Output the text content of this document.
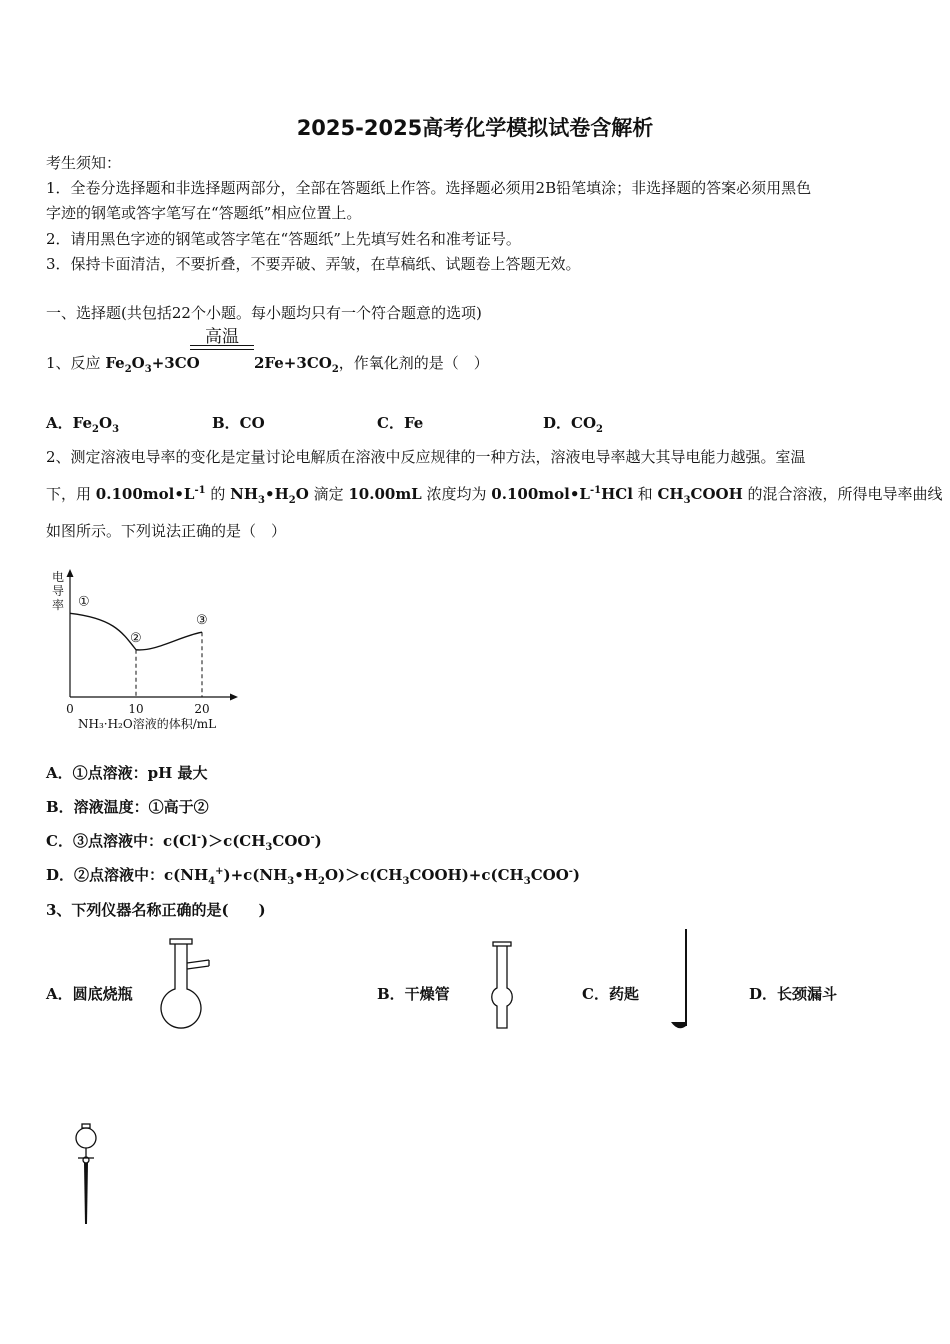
2025-2025高考化学模拟试卷含解析
考生须知：
1．全卷分选择题和非选择题两部分，全部在答题纸上作答。选择题必须用2B铅笔填涂；非选择题的答案必须用黑色
字迹的钢笔或答字笔写在“答题纸”相应位置上。
2．请用黑色字迹的钢笔或答字笔在“答题纸”上先填写姓名和准考证号。
3．保持卡面清洁，不要折叠，不要弄破、弄皱，在草稿纸、试题卷上答题无效。
一、选择题(共包括22个小题。每小题均只有一个符合题意的选项)
1、反应 $Fe_2O_3+3CO$
高温
$2Fe+3CO_2$，作氧化剂的是（　）
A．$Fe_2O_3$	B．CO	C．Fe	D．$CO_2$
2、测定溶液电导率的变化是定量讨论电解质在溶液中反应规律的一种方法，溶液电导率越大其导电能力越强。室温
下，用 $0.100mol•L^{-1}$ 的 $NH_3•H_2O$ 滴定 10.00mL 浓度均为 $0.100mol•L^{-1}HCl$ 和 $CH_3COOH$ 的混合溶液，所得电导率曲线
如图所示。下列说法正确的是（　）
电
导
率 ①
②
③
0	10	20
NH₃·H₂O溶液的体积/mL
A．①点溶液：pH 最大
B．溶液温度：①高于②
C．③点溶液中：$c(Cl^-)>c(CH_3COO^-)$
D．②点溶液中：$c(NH_4^+)+c(NH_3•H_2O)>c(CH_3COOH)+c(CH_3COO^-)$
3、下列仪器名称正确的是(　　)
A．圆底烧瓶	B．干燥管	C．药匙	D．长颈漏斗
